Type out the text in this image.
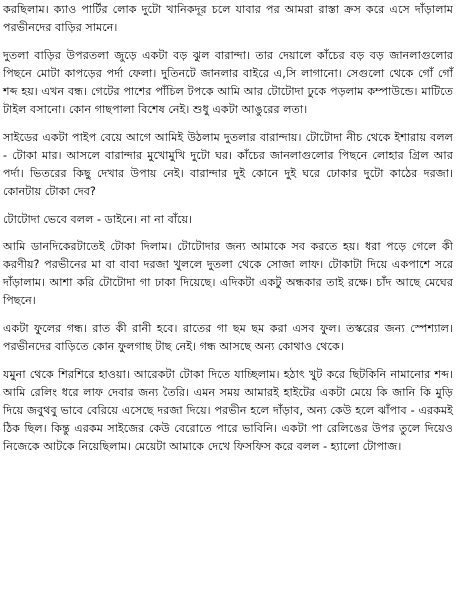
করছিলাম। ক্যাও পার্টির লোক দুটো খানিকদূর চলে যাবার পর আমরা রাস্তা ক্রস করে এসে দাঁড়ালাম পরভীনদের বাড়ির সামনে।

দুতলা বাড়ির উপরতলা জুড়ে একটা বড় ঝুল বারান্দা। তার দেয়ালে কাঁচের বড় বড় জানলাগুলোর পিছনে মোটা কাপড়ের পর্দা ফেলা। দুতিনটে জানলার বাইরে এ,সি লাগানো। সেগুলো থেকে গোঁ গোঁ শব্দ হয়। এখন বন্ধ। গেটের পাশের পাঁচিল টপকে আমি আর টোটোদা ঢুকে পড়লাম কম্পাউন্ডে। মাটিতে টাইল বসানো। কোন গাছপালা বিশেষ নেই। শুধু একটা আঙুরের লতা।

সাইডের একটা পাইপ বেয়ে আগে আমিই উঠলাম দুতলার বারান্দায়। টোটোদা নীচ থেকে ইশারায় বলল - টোকা মার। আসলে বারান্দার মুখোমুখি দুটো ঘর। কাঁচের জানলাগুলোর পিছনে লোহার গ্রিল আর পর্দা। ভিতরের কিছু দেখার উপায় নেই। বারান্দার দুই কোনে দুই ঘরে ঢোকার দুটো কাঠের দরজা। কোনটায় টোকা দেব?

টোটোদা ভেবে বলল - ডাইনে। না না বাঁয়ে।

আমি ডানদিকেরটাতেই টোকা দিলাম। টোটোদার জন্য আমাকে সব করতে হয়। ধরা পড়ে গেলে কী করণীয়? পরভীনের মা বা বাবা দরজা খুললে দুতলা থেকে সোজা লাফ। টোকাটা দিয়ে একপাশে সরে দাঁড়ালাম। আশা করি টোটোদা গা ঢাকা দিয়েছে। এদিকটা একটু অন্ধকার তাই রক্ষে। চাঁদ আছে মেঘের পিছনে।

একটা ফুলের গন্ধ। রাত কী রানী হবে। রাতের গা ছম ছম করা এসব ফুল। তস্করের জন্য স্পেশ্যাল। পরভীনদের বাড়িতে কোন ফুলগাছ টাছ নেই। গন্ধ আসছে অন্য কোথাও থেকে।

যমুনা থেকে শিরশিরে হাওয়া। আরেকটা টোকা দিতে যাচ্ছিলাম। হঠাৎ খুট করে ছিটকিনি নামানোর শব্দ। আমি রেলিং ধরে লাফ দেবার জন্য তৈরি। এমন সময় আমারই হাইটের একটা মেয়ে কি জানি কি মুড়ি দিয়ে জবুথবু ভাবে বেরিয়ে এসেছে দরজা দিয়ে। পরভীন হলে দাঁড়াব, অন্য কেউ হলে ঝাঁপাব - এরকমই ঠিক ছিল। কিন্তু এরকম সাইজের কেউ বেরোতে পারে ভাবিনি। একটা পা রেলিঙের উপর তুলে দিয়েও নিজেকে আটকে নিয়েছিলাম। মেয়েটা আমাকে দেখে ফিসফিস করে বলল - হ্যালো টোপাজ।
